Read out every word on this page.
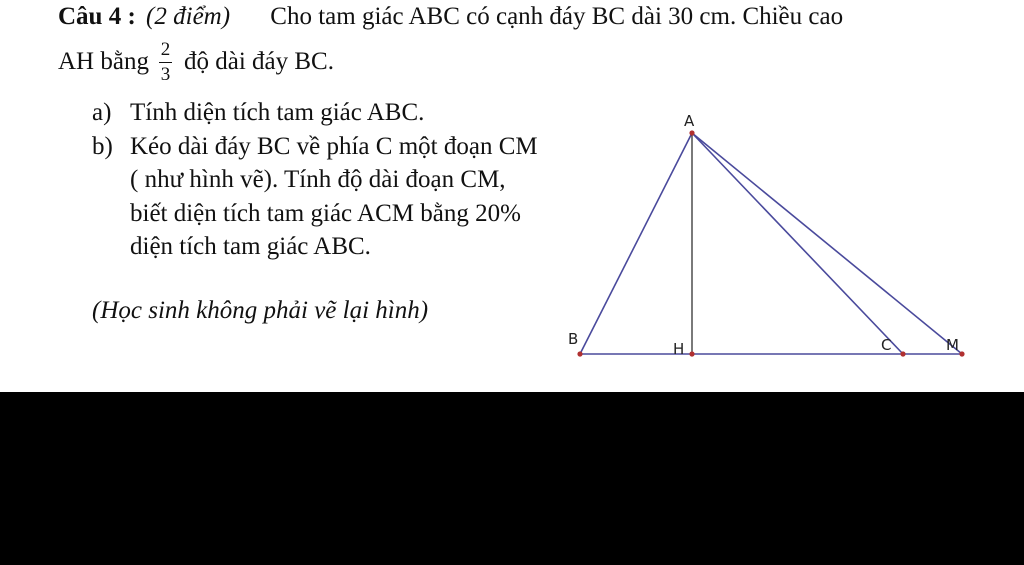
Câu 4 : (2 điểm) Cho tam giác ABC có cạnh đáy BC dài 30 cm. Chiều cao
AH bằng $\frac{2}{3}$ độ dài đáy BC.
a) Tính diện tích tam giác ABC.
b) Kéo dài đáy BC về phía C một đoạn CM ( như hình vẽ). Tính độ dài đoạn CM, biết diện tích tam giác ACM bằng 20% diện tích tam giác ABC.
(Học sinh không phải vẽ lại hình)
A
B
H	C	M
